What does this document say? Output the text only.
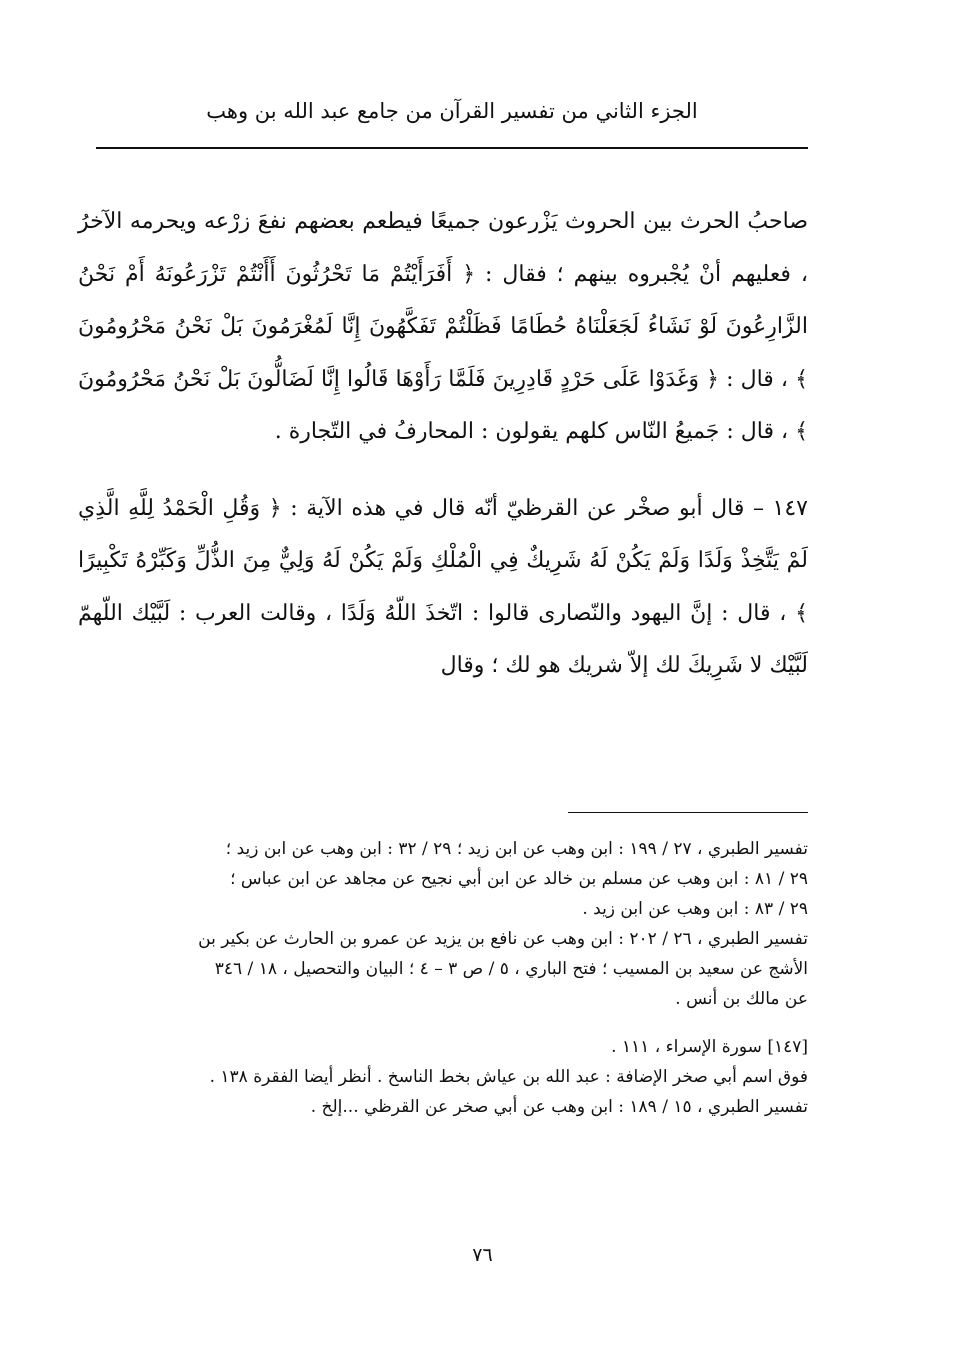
الجزء الثاني من تفسير القرآن من جامع عبد الله بن وهب

صاحبُ الحرث بين الحروث يَزْرعون جميعًا فيطعم بعضهم نفعَ زرْعه ويحرمه الآخرُ ، فعليهم أنْ يُجْبروه بينهم ؛ فقال : ﴿ أَفَرَأَيْتُمْ مَا تَحْرُثُونَ أَأَنْتُمْ تَزْرَعُونَهُ أَمْ نَحْنُ الزَّارِعُونَ لَوْ نَشَاءُ لَجَعَلْنَاهُ حُطَامًا فَظَلْتُمْ تَفَكَّهُونَ إِنَّا لَمُغْرَمُونَ بَلْ نَحْنُ مَحْرُومُونَ ﴾ ، قال : ﴿ وَغَدَوْا عَلَى حَرْدٍ قَادِرِينَ فَلَمَّا رَأَوْهَا قَالُوا إِنَّا لَضَالُّونَ بَلْ نَحْنُ مَحْرُومُونَ ﴾ ، قال : جَميعُ النّاس كلهم يقولون : المحارفُ في التّجارة .

١٤٧ – قال أبو صخْر عن القرظيّ أنّه قال في هذه الآية : ﴿ وَقُلِ الْحَمْدُ لِلَّهِ الَّذِي لَمْ يَتَّخِذْ وَلَدًا وَلَمْ يَكُنْ لَهُ شَرِيكٌ فِي الْمُلْكِ وَلَمْ يَكُنْ لَهُ وَلِيٌّ مِنَ الذُّلِّ وَكَبِّرْهُ تَكْبِيرًا ﴾ ، قال : إنَّ اليهود والنّصارى قالوا : اتّخذَ اللّهُ وَلَدًا ، وقالت العرب : لَبَّيْك اللّهمّ لَبَّيْك لا شَرِيكَ لك إلاّ شريك هو لك ؛ وقال

تفسير الطبري ، ٢٧ / ١٩٩ : ابن وهب عن ابن زيد ؛ ٢٩ / ٣٢ : ابن وهب عن ابن زيد ؛

٢٩ / ٨١ : ابن وهب عن مسلم بن خالد عن ابن أبي نجيح عن مجاهد عن ابن عباس ؛

٢٩ / ٨٣ : ابن وهب عن ابن زيد .

تفسير الطبري ، ٢٦ / ٢٠٢ : ابن وهب عن نافع بن يزيد عن عمرو بن الحارث عن بكير بن

الأشج عن سعيد بن المسيب ؛ فتح الباري ، ٥ / ص ٣ – ٤ ؛ البيان والتحصيل ، ١٨ / ٣٤٦

عن مالك بن أنس .

[١٤٧] سورة الإسراء ، ١١١ .

فوق اسم أبي صخر الإضافة : عبد الله بن عياش بخط الناسخ . أنظر أيضا الفقرة ١٣٨ .

تفسير الطبري ، ١٥ / ١٨٩ : ابن وهب عن أبي صخر عن القرظي ...إلخ .

٧٦
